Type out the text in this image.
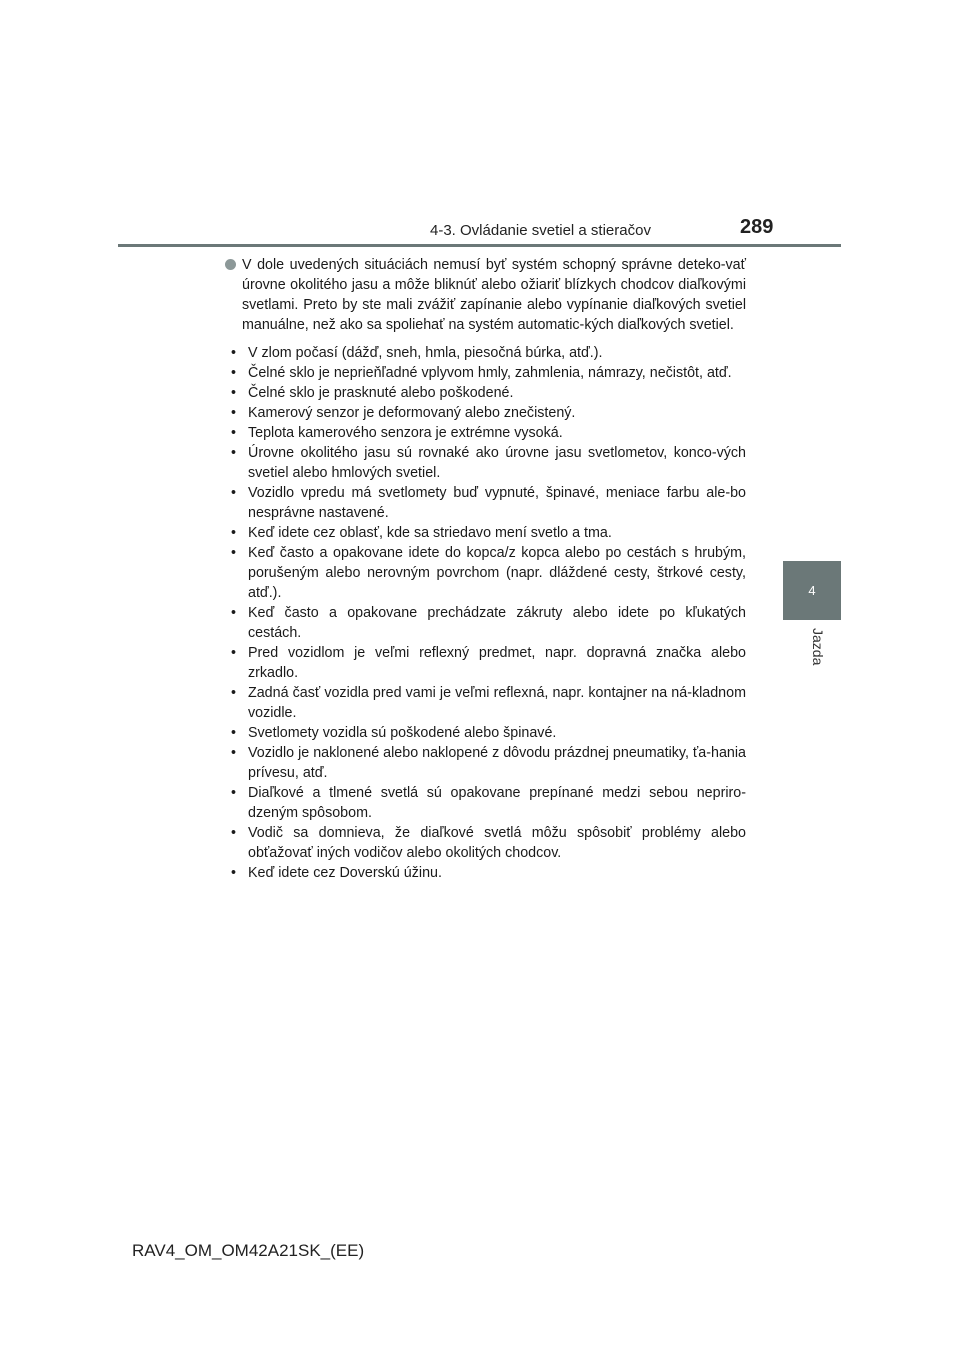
4-3. Ovládanie svetiel a stieračov	289
4
Jazda

V dole uvedených situáciách nemusí byť systém schopný správne deteko-vať úrovne okolitého jasu a môže bliknúť alebo ožiariť blízkych chodcov diaľkovými svetlami. Preto by ste mali zvážiť zapínanie alebo vypínanie diaľkových svetiel manuálne, než ako sa spoliehať na systém automatic-kých diaľkových svetiel.

• V zlom počasí (dážď, sneh, hmla, piesočná búrka, atď.).
• Čelné sklo je neprieňľadné vplyvom hmly, zahmlenia, námrazy, nečistôt, atď.
• Čelné sklo je prasknuté alebo poškodené.
• Kamerový senzor je deformovaný alebo znečistený.
• Teplota kamerového senzora je extrémne vysoká.
• Úrovne okolitého jasu sú rovnaké ako úrovne jasu svetlometov, konco-vých svetiel alebo hmlových svetiel.
• Vozidlo vpredu má svetlomety buď vypnuté, špinavé, meniace farbu ale-bo nesprávne nastavené.
• Keď idete cez oblasť, kde sa striedavo mení svetlo a tma.
• Keď často a opakovane idete do kopca/z kopca alebo po cestách s hrubým, porušeným alebo nerovným povrchom (napr. dláždené cesty, štrkové cesty, atď.).
• Keď často a opakovane prechádzate zákruty alebo idete po kľukatých cestách.
• Pred vozidlom je veľmi reflexný predmet, napr. dopravná značka alebo zrkadlo.
• Zadná časť vozidla pred vami je veľmi reflexná, napr. kontajner na ná-kladnom vozidle.
• Svetlomety vozidla sú poškodené alebo špinavé.
• Vozidlo je naklonené alebo naklopené z dôvodu prázdnej pneumatiky, ťa-hania prívesu, atď.
• Diaľkové a tlmené svetlá sú opakovane prepínané medzi sebou nepriro-dzeným spôsobom.
• Vodič sa domnieva, že diaľkové svetlá môžu spôsobiť problémy alebo obťažovať iných vodičov alebo okolitých chodcov.
• Keď idete cez Doverskú úžinu.
RAV4_OM_OM42A21SK_(EE)
